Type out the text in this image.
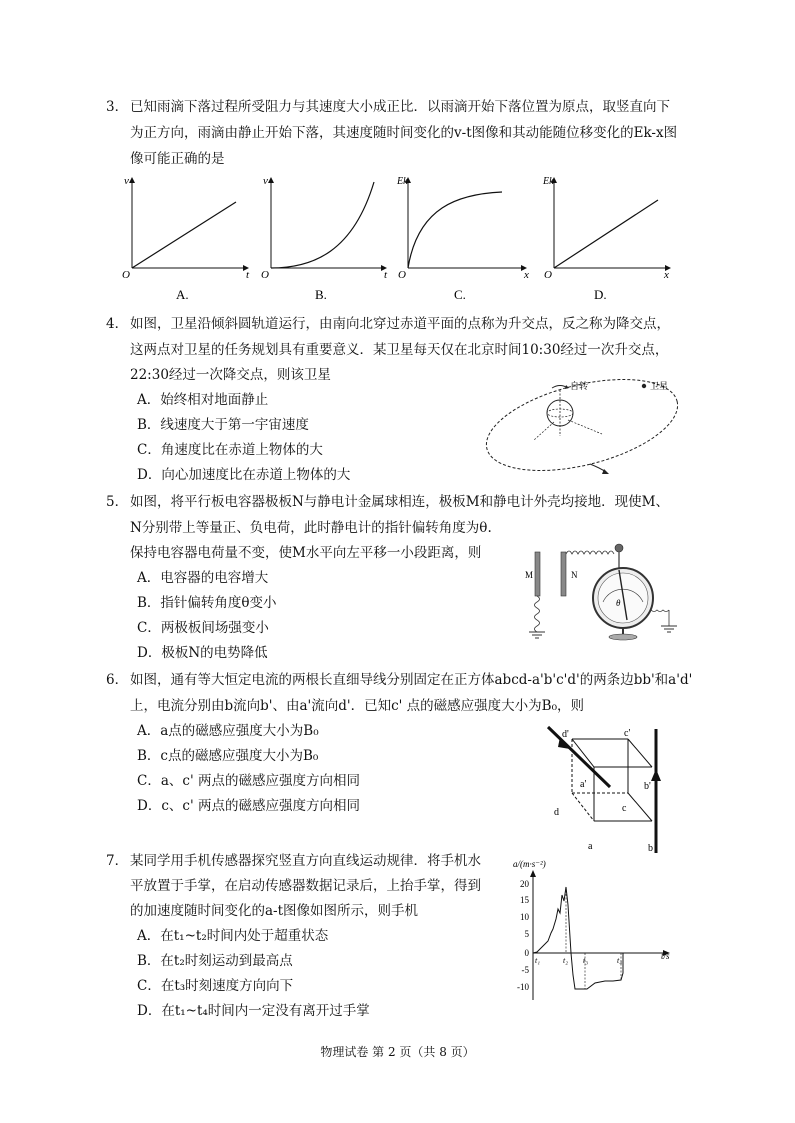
3． 已知雨滴下落过程所受阻力与其速度大小成正比．以雨滴开始下落位置为原点，取竖直向下
为正方向，雨滴由静止开始下落，其速度随时间变化的v-t图像和其动能随位移变化的Ek-x图
像可能正确的是
v
t
O
A.
v
t
O
B.
Ek
x
O
C.
Ek
x
O
D.
4． 如图，卫星沿倾斜圆轨道运行，由南向北穿过赤道平面的点称为升交点，反之称为降交点，
这两点对卫星的任务规划具有重要意义．某卫星每天仅在北京时间10:30经过一次升交点，
22:30经过一次降交点，则该卫星
A．始终相对地面静止
B．线速度大于第一宇宙速度
C．角速度比在赤道上物体的大
D．向心加速度比在赤道上物体的大
自转	卫星
5． 如图，将平行板电容器极板N与静电计金属球相连，极板M和静电计外壳均接地．现使M、
N分别带上等量正、负电荷，此时静电计的指针偏转角度为θ.
保持电容器电荷量不变，使M水平向左平移一小段距离，则
A．电容器的电容增大
B．指针偏转角度θ变小
C．两极板间场强变小
D．极板N的电势降低
M	N
θ
6． 如图，通有等大恒定电流的两根长直细导线分别固定在正方体abcd-a'b'c'd'的两条边bb'和a'd'
上，电流分别由b流向b'、由a'流向d'．已知c' 点的磁感应强度大小为B₀，则
A．a点的磁感应强度大小为B₀
B．c点的磁感应强度大小为B₀
C．a、c' 两点的磁感应强度方向相同
D．c、c' 两点的磁感应强度方向相同
d'	c'
a'	b'
d	c
a	b
7． 某同学用手机传感器探究竖直方向直线运动规律．将手机水
平放置于手掌，在启动传感器数据记录后，上抬手掌，得到
的加速度随时间变化的a-t图像如图所示，则手机
A．在t₁~t₂时间内处于超重状态
B．在t₂时刻运动到最高点
C．在t₃时刻速度方向向下
D．在t₁~t₄时间内一定没有离开过手掌
a/(m·s⁻²)
t/s
20
15
10
5
0
-5
-10
t₁	t₂ t₃	t₄
物理试卷 第 2 页（共 8 页）
